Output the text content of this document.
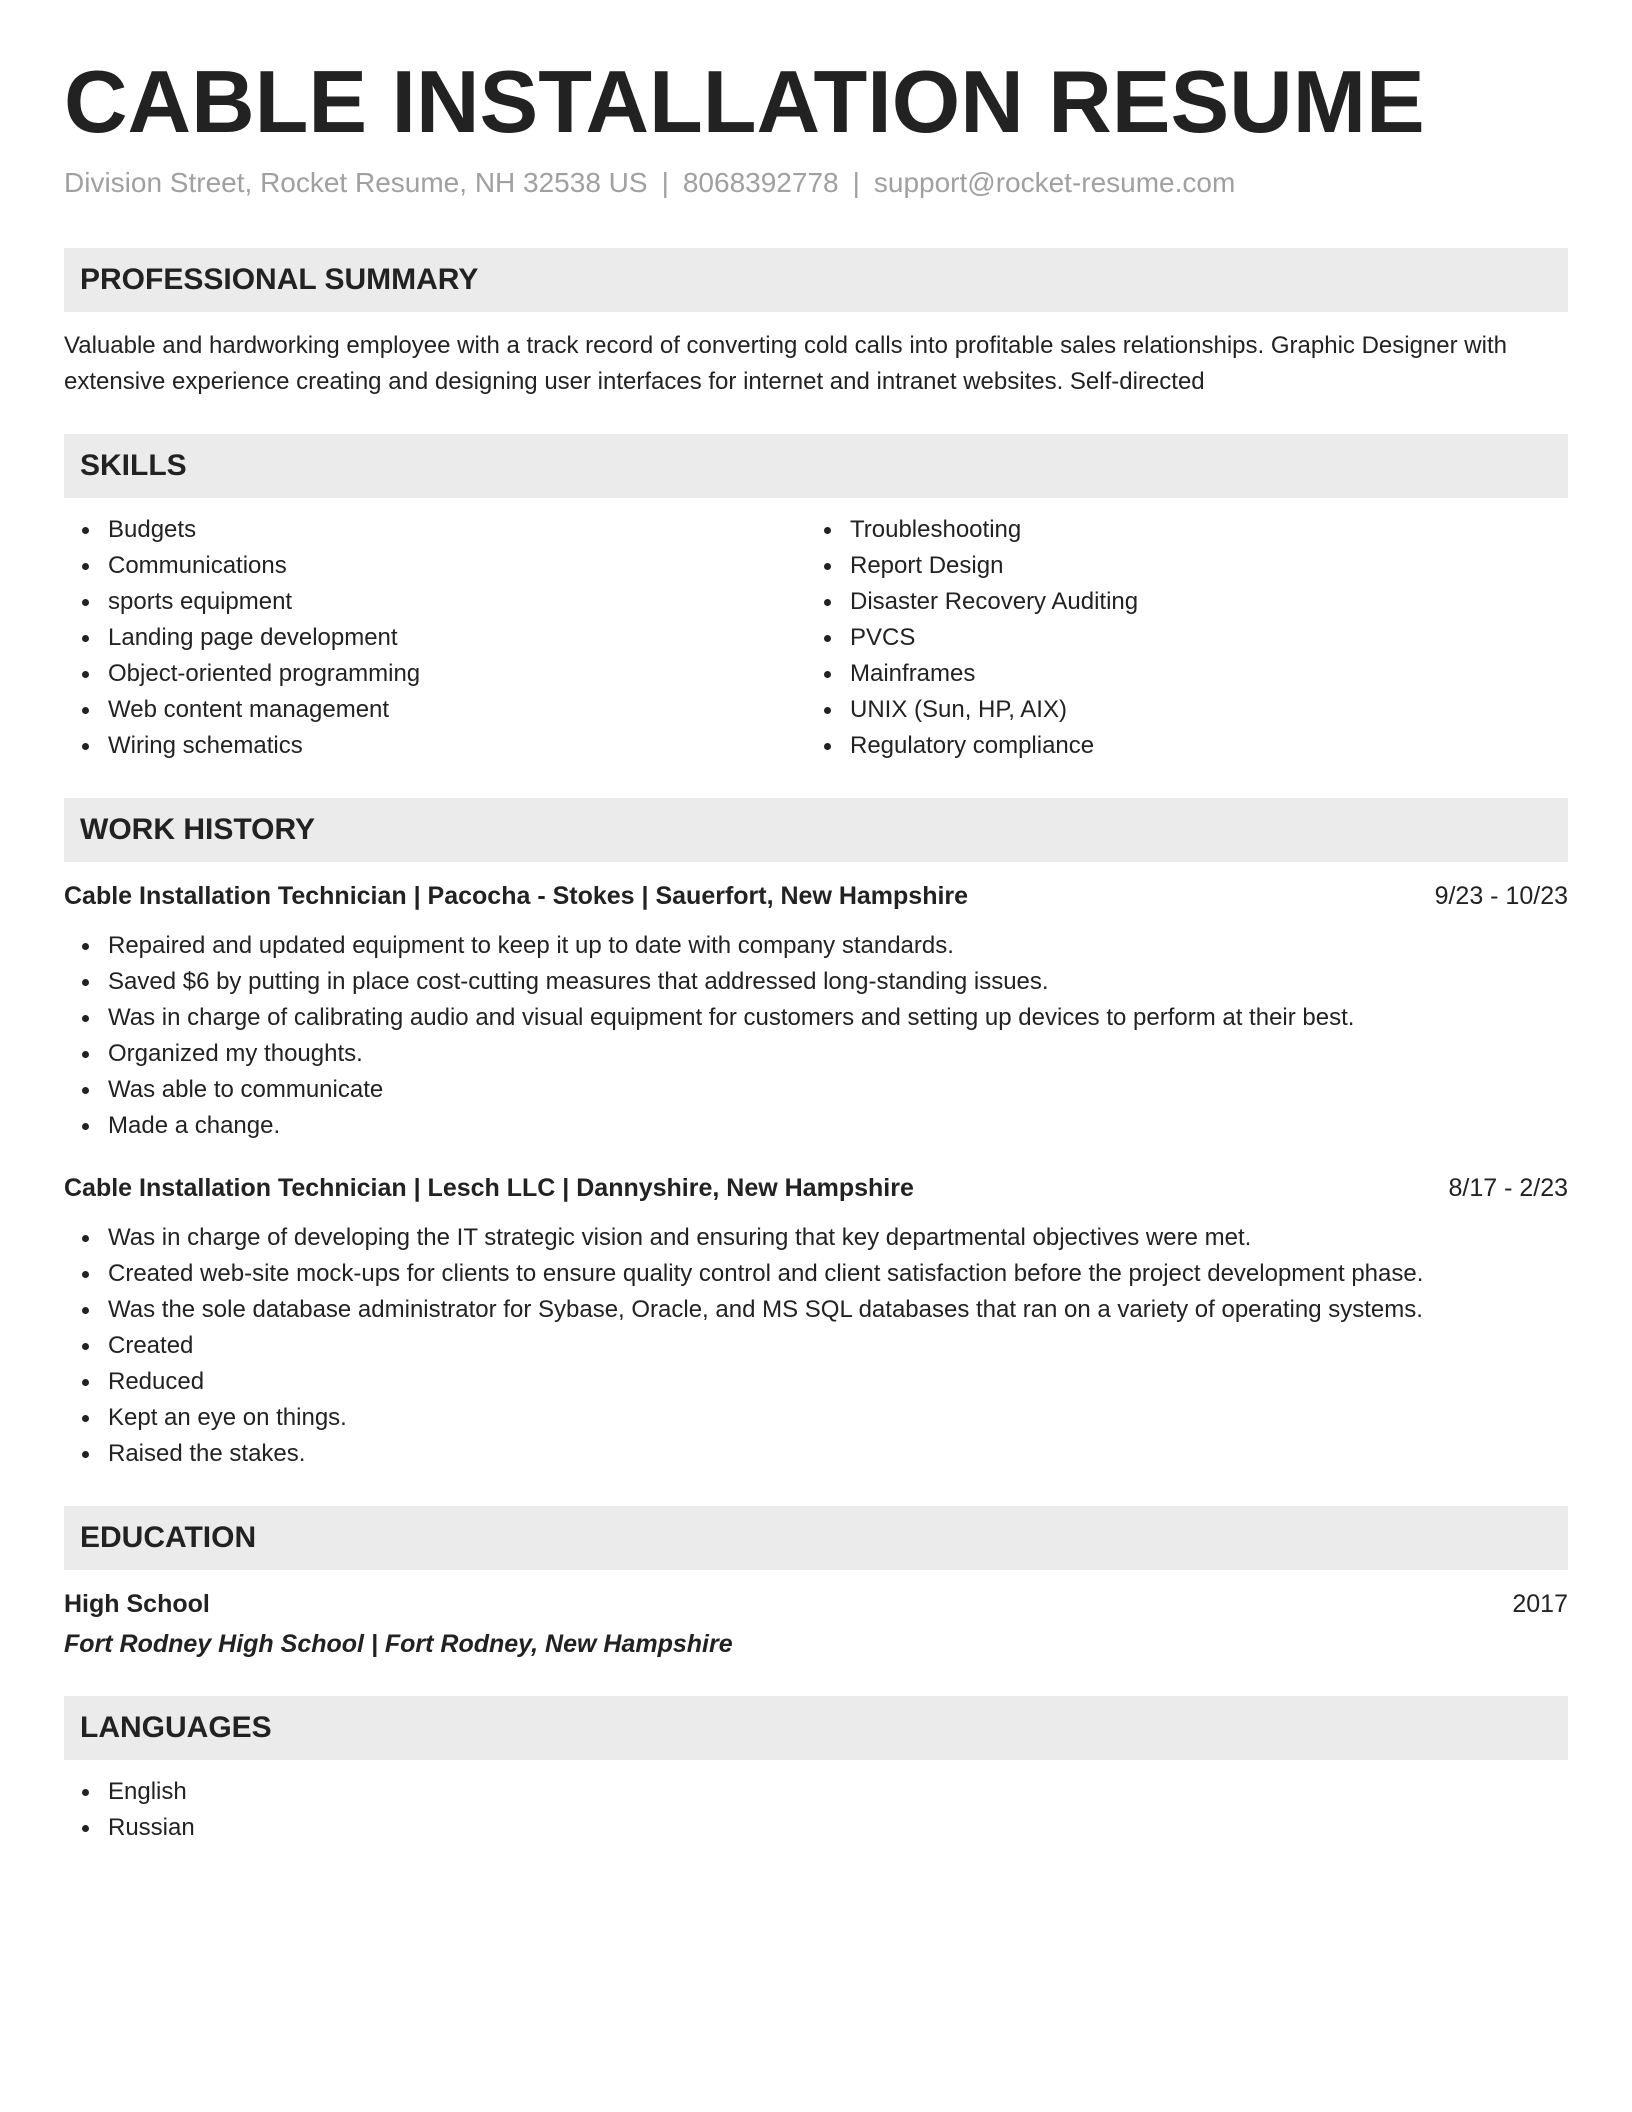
CABLE INSTALLATION RESUME
Division Street, Rocket Resume, NH 32538 US | 8068392778 | support@rocket-resume.com
PROFESSIONAL SUMMARY
Valuable and hardworking employee with a track record of converting cold calls into profitable sales relationships. Graphic Designer with extensive experience creating and designing user interfaces for internet and intranet websites. Self-directed
SKILLS
Budgets
Communications
sports equipment
Landing page development
Object-oriented programming
Web content management
Wiring schematics
Troubleshooting
Report Design
Disaster Recovery Auditing
PVCS
Mainframes
UNIX (Sun, HP, AIX)
Regulatory compliance
WORK HISTORY
Cable Installation Technician | Pacocha - Stokes | Sauerfort, New Hampshire	9/23 - 10/23
Repaired and updated equipment to keep it up to date with company standards.
Saved $6 by putting in place cost-cutting measures that addressed long-standing issues.
Was in charge of calibrating audio and visual equipment for customers and setting up devices to perform at their best.
Organized my thoughts.
Was able to communicate
Made a change.
Cable Installation Technician | Lesch LLC | Dannyshire, New Hampshire	8/17 - 2/23
Was in charge of developing the IT strategic vision and ensuring that key departmental objectives were met.
Created web-site mock-ups for clients to ensure quality control and client satisfaction before the project development phase.
Was the sole database administrator for Sybase, Oracle, and MS SQL databases that ran on a variety of operating systems.
Created
Reduced
Kept an eye on things.
Raised the stakes.
EDUCATION
High School	2017
Fort Rodney High School | Fort Rodney, New Hampshire
LANGUAGES
English
Russian
